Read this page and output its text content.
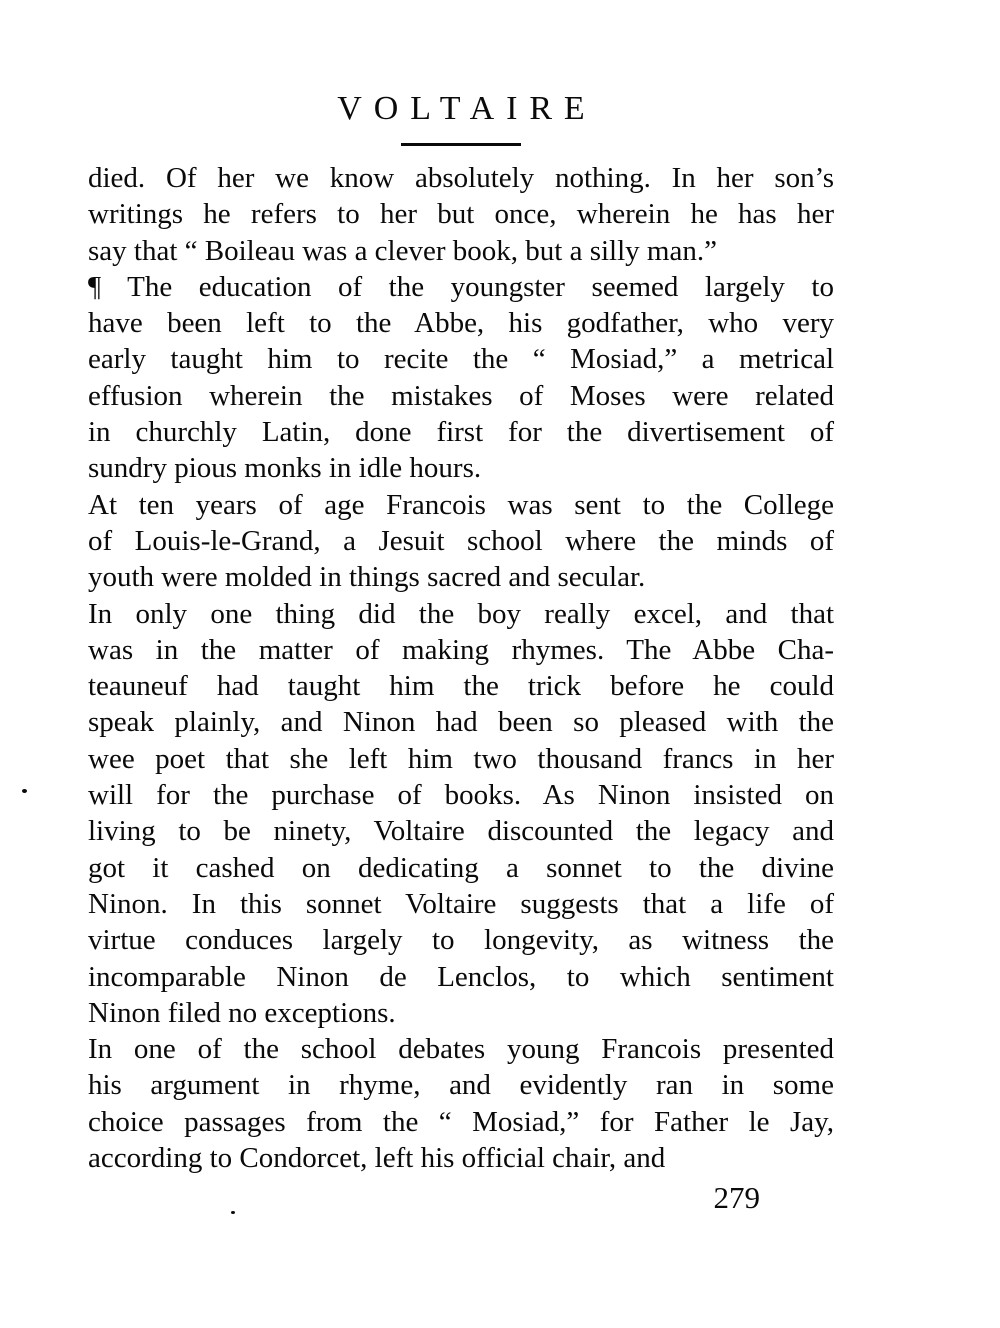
VOLTAIRE
died. Of her we know absolutely nothing. In her son’s
writings he refers to her but once, wherein he has her
say that “ Boileau was a clever book, but a silly man.”
¶ The education of the youngster seemed largely to
have been left to the Abbe, his godfather, who very
early taught him to recite the “ Mosiad,” a metrical
effusion wherein the mistakes of Moses were related
in churchly Latin, done first for the divertisement of
sundry pious monks in idle hours.
At ten years of age Francois was sent to the College
of Louis-le-Grand, a Jesuit school where the minds of
youth were molded in things sacred and secular.
In only one thing did the boy really excel, and that
was in the matter of making rhymes. The Abbe Cha-
teauneuf had taught him the trick before he could
speak plainly, and Ninon had been so pleased with the
wee poet that she left him two thousand francs in her
will for the purchase of books. As Ninon insisted on
living to be ninety, Voltaire discounted the legacy and
got it cashed on dedicating a sonnet to the divine
Ninon. In this sonnet Voltaire suggests that a life of
virtue conduces largely to longevity, as witness the
incomparable Ninon de Lenclos, to which sentiment
Ninon filed no exceptions.
In one of the school debates young Francois presented
his argument in rhyme, and evidently ran in some
choice passages from the “ Mosiad,” for Father le Jay,
according to Condorcet, left his official chair, and
279
